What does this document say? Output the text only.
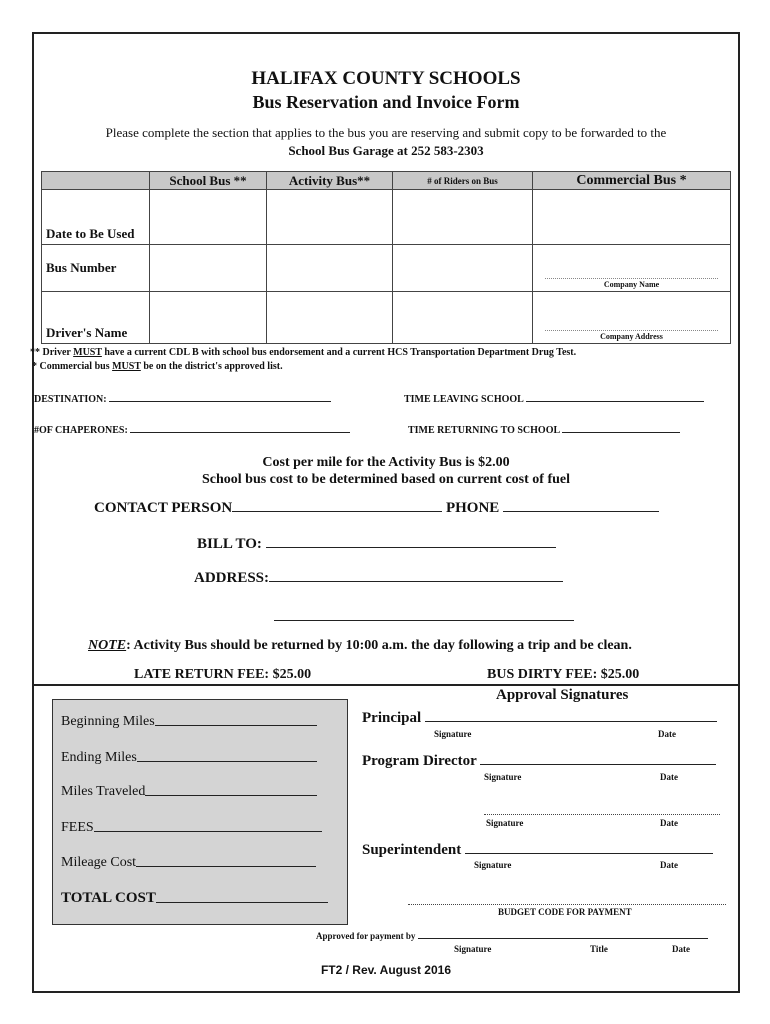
HALIFAX COUNTY SCHOOLS
Bus Reservation and Invoice Form
Please complete the section that applies to the bus you are reserving and submit copy to be forwarded to the
School Bus Garage at 252 583-2303
	School Bus **	Activity Bus**	# of Riders on Bus	Commercial Bus *
Date to Be Used				
Bus Number				Company Name

Driver's Name				Company Address
** Driver MUST have a current CDL B with school bus endorsement and a current HCS Transportation Department Drug Test.
* Commercial bus MUST be on the district's approved list.
DESTINATION:	TIME LEAVING SCHOOL
#OF CHAPERONES:	TIME RETURNING TO SCHOOL
Cost per mile for the Activity Bus is $2.00
School bus cost to be determined based on current cost of fuel
CONTACT PERSON	PHONE
BILL TO:
ADDRESS:
NOTE: Activity Bus should be returned by 10:00 a.m. the day following a trip and be clean.
LATE RETURN FEE: $25.00	BUS DIRTY FEE: $25.00
Approval Signatures
Beginning Miles
Ending Miles
Miles Traveled
FEES
Mileage Cost
TOTAL COST
Principal
Signature	Date
Program Director
Signature	Date
Signature	Date
Superintendent
Signature	Date
BUDGET CODE FOR PAYMENT
Approved for payment by
Signature	Title	Date
FT2 / Rev. August 2016
